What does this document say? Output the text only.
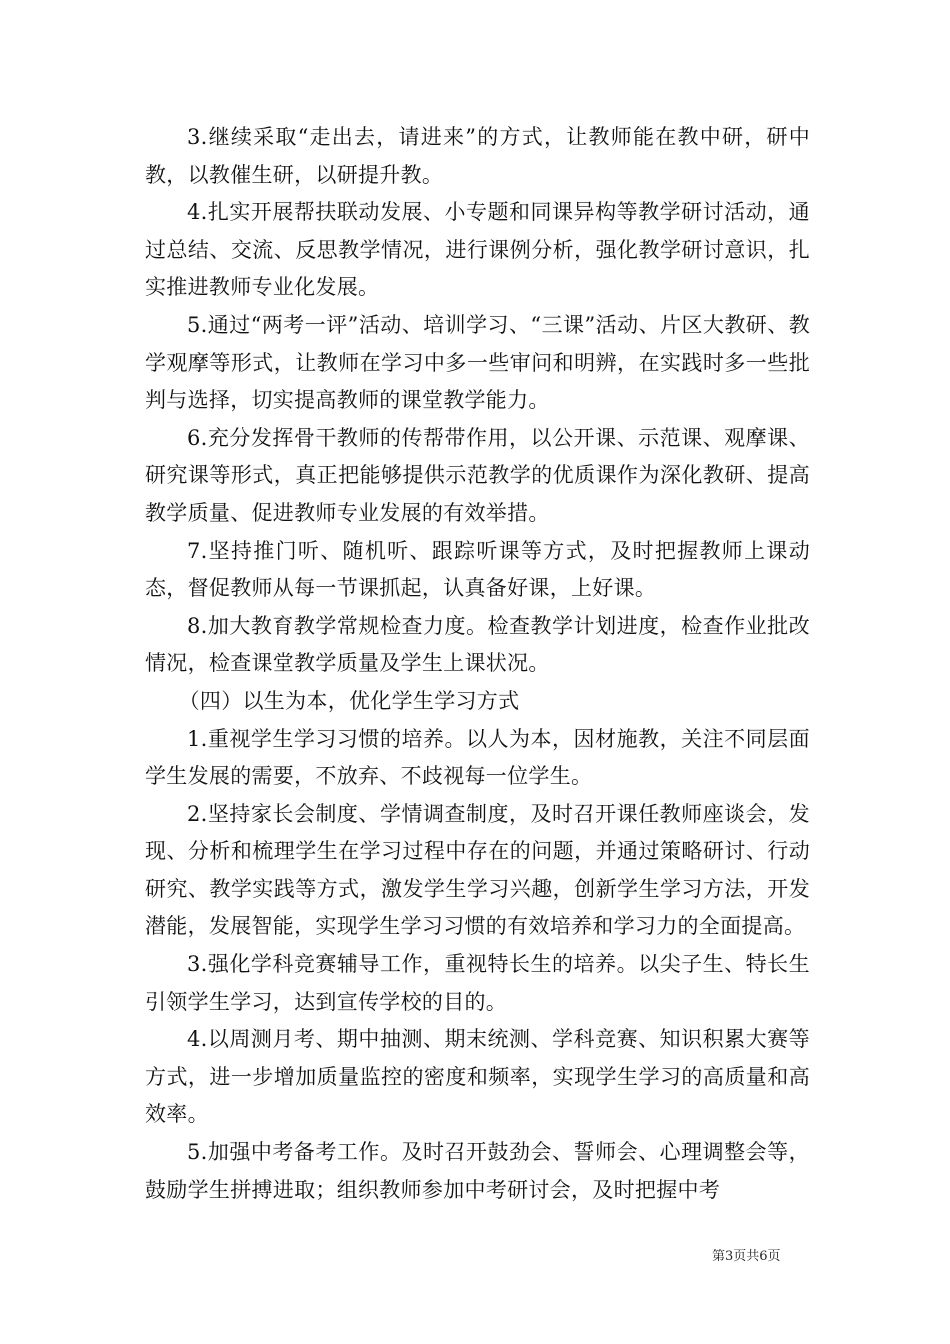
3.继续采取“走出去，请进来”的方式，让教师能在教中研，研中教，以教催生研，以研提升教。

4.扎实开展帮扶联动发展、小专题和同课异构等教学研讨活动，通过总结、交流、反思教学情况，进行课例分析，强化教学研讨意识，扎实推进教师专业化发展。

5.通过“两考一评”活动、培训学习、“三课”活动、片区大教研、教学观摩等形式，让教师在学习中多一些审问和明辨，在实践时多一些批判与选择，切实提高教师的课堂教学能力。

6.充分发挥骨干教师的传帮带作用，以公开课、示范课、观摩课、研究课等形式，真正把能够提供示范教学的优质课作为深化教研、提高教学质量、促进教师专业发展的有效举措。

7.坚持推门听、随机听、跟踪听课等方式，及时把握教师上课动态，督促教师从每一节课抓起，认真备好课，上好课。

8.加大教育教学常规检查力度。检查教学计划进度，检查作业批改情况，检查课堂教学质量及学生上课状况。

（四）以生为本，优化学生学习方式

1.重视学生学习习惯的培养。以人为本，因材施教，关注不同层面学生发展的需要，不放弃、不歧视每一位学生。

2.坚持家长会制度、学情调查制度，及时召开课任教师座谈会，发现、分析和梳理学生在学习过程中存在的问题，并通过策略研讨、行动研究、教学实践等方式，激发学生学习兴趣，创新学生学习方法，开发潜能，发展智能，实现学生学习习惯的有效培养和学习力的全面提高。

3.强化学科竞赛辅导工作，重视特长生的培养。以尖子生、特长生引领学生学习，达到宣传学校的目的。

4.以周测月考、期中抽测、期末统测、学科竞赛、知识积累大赛等方式，进一步增加质量监控的密度和频率，实现学生学习的高质量和高效率。

5.加强中考备考工作。及时召开鼓劲会、誓师会、心理调整会等，鼓励学生拼搏进取；组织教师参加中考研讨会，及时把握中考

第3页共6页
